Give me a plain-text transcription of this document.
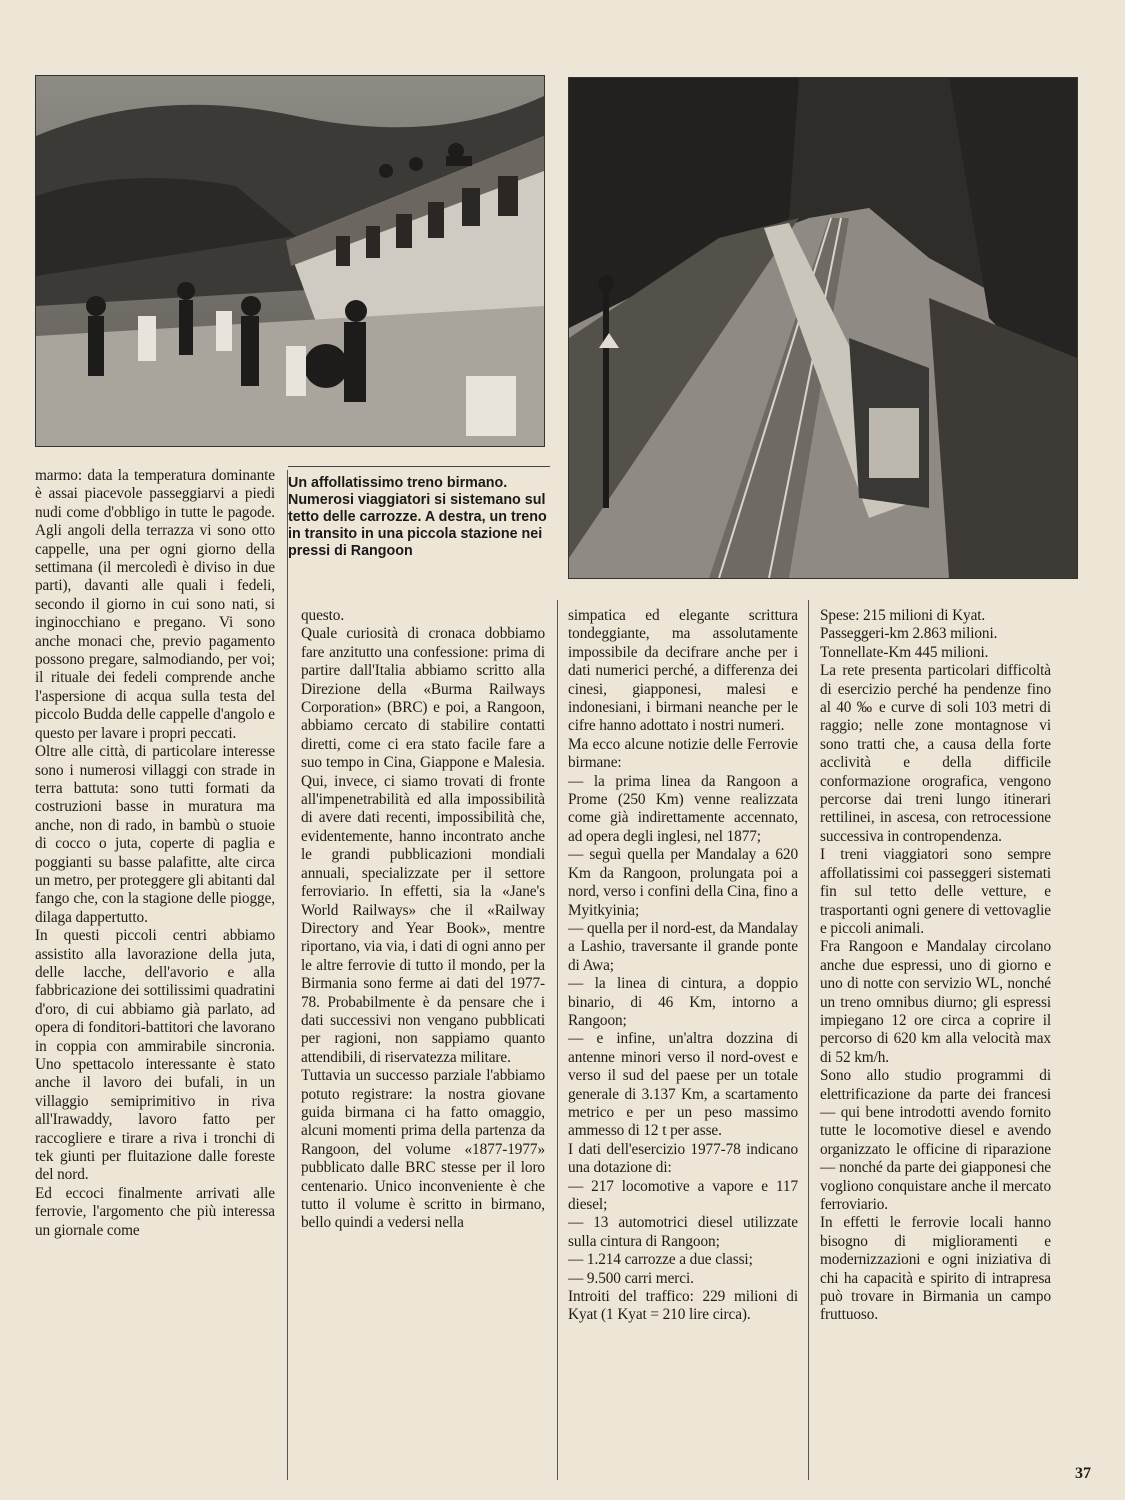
Un affollatissimo treno birmano. Numerosi viaggiatori si sistemano sul tetto delle carrozze. A destra, un treno in transito in una piccola stazione nei pressi di Rangoon

marmo: data la temperatura dominante è assai piacevole passeggiarvi a piedi nudi come d'obbligo in tutte le pagode. Agli angoli della terrazza vi sono otto cappelle, una per ogni giorno della settimana (il mercoledì è diviso in due parti), davanti alle quali i fedeli, secondo il giorno in cui sono nati, si inginocchiano e pregano. Vi sono anche monaci che, previo pagamento possono pregare, salmodiando, per voi; il rituale dei fedeli comprende anche l'aspersione di acqua sulla testa del piccolo Budda delle cappelle d'angolo e questo per lavare i propri peccati.

Oltre alle città, di particolare interesse sono i numerosi villaggi con strade in terra battuta: sono tutti formati da costruzioni basse in muratura ma anche, non di rado, in bambù o stuoie di cocco o juta, coperte di paglia e poggianti su basse palafitte, alte circa un metro, per proteggere gli abitanti dal fango che, con la stagione delle piogge, dilaga dappertutto.

In questi piccoli centri abbiamo assistito alla lavorazione della juta, delle lacche, dell'avorio e alla fabbricazione dei sottilissimi quadratini d'oro, di cui abbiamo già parlato, ad opera di fonditori-battitori che lavorano in coppia con ammirabile sincronia. Uno spettacolo interessante è stato anche il lavoro dei bufali, in un villaggio semiprimitivo in riva all'Irawaddy, lavoro fatto per raccogliere e tirare a riva i tronchi di tek giunti per fluitazione dalle foreste del nord.

Ed eccoci finalmente arrivati alle ferrovie, l'argomento che più interessa un giornale come

questo.

Quale curiosità di cronaca dobbiamo fare anzitutto una confessione: prima di partire dall'Italia abbiamo scritto alla Direzione della «Burma Railways Corporation» (BRC) e poi, a Rangoon, abbiamo cercato di stabilire contatti diretti, come ci era stato facile fare a suo tempo in Cina, Giappone e Malesia. Qui, invece, ci siamo trovati di fronte all'impenetrabilità ed alla impossibilità di avere dati recenti, impossibilità che, evidentemente, hanno incontrato anche le grandi pubblicazioni mondiali annuali, specializzate per il settore ferroviario. In effetti, sia la «Jane's World Railways» che il «Railway Directory and Year Book», mentre riportano, via via, i dati di ogni anno per le altre ferrovie di tutto il mondo, per la Birmania sono ferme ai dati del 1977-78. Probabilmente è da pensare che i dati successivi non vengano pubblicati per ragioni, non sappiamo quanto attendibili, di riservatezza militare.

Tuttavia un successo parziale l'abbiamo potuto registrare: la nostra giovane guida birmana ci ha fatto omaggio, alcuni momenti prima della partenza da Rangoon, del volume «1877-1977» pubblicato dalle BRC stesse per il loro centenario. Unico inconveniente è che tutto il volume è scritto in birmano, bello quindi a vedersi nella

simpatica ed elegante scrittura tondeggiante, ma assolutamente impossibile da decifrare anche per i dati numerici perché, a differenza dei cinesi, giapponesi, malesi e indonesiani, i birmani neanche per le cifre hanno adottato i nostri numeri.

Ma ecco alcune notizie delle Ferrovie birmane:

— la prima linea da Rangoon a Prome (250 Km) venne realizzata come già indirettamente accennato, ad opera degli inglesi, nel 1877;

— seguì quella per Mandalay a 620 Km da Rangoon, prolungata poi a nord, verso i confini della Cina, fino a Myitkyinia;

— quella per il nord-est, da Mandalay a Lashio, traversante il grande ponte di Awa;

— la linea di cintura, a doppio binario, di 46 Km, intorno a Rangoon;

— e infine, un'altra dozzina di antenne minori verso il nord-ovest e verso il sud del paese per un totale generale di 3.137 Km, a scartamento metrico e per un peso massimo ammesso di 12 t per asse.

I dati dell'esercizio 1977-78 indicano una dotazione di:

— 217 locomotive a vapore e 117 diesel;

— 13 automotrici diesel utilizzate sulla cintura di Rangoon;

— 1.214 carrozze a due classi;

— 9.500 carri merci.

Introiti del traffico: 229 milioni di Kyat (1 Kyat = 210 lire circa).

Spese: 215 milioni di Kyat.

Passeggeri-km 2.863 milioni.

Tonnellate-Km 445 milioni.

La rete presenta particolari difficoltà di esercizio perché ha pendenze fino al 40 ‰ e curve di soli 103 metri di raggio; nelle zone montagnose vi sono tratti che, a causa della forte acclività e della difficile conformazione orografica, vengono percorse dai treni lungo itinerari rettilinei, in ascesa, con retrocessione successiva in contropendenza.

I treni viaggiatori sono sempre affollatissimi coi passeggeri sistemati fin sul tetto delle vetture, e trasportanti ogni genere di vettovaglie e piccoli animali.

Fra Rangoon e Mandalay circolano anche due espressi, uno di giorno e uno di notte con servizio WL, nonché un treno omnibus diurno; gli espressi impiegano 12 ore circa a coprire il percorso di 620 km alla velocità max di 52 km/h.

Sono allo studio programmi di elettrificazione da parte dei francesi — qui bene introdotti avendo fornito tutte le locomotive diesel e avendo organizzato le officine di riparazione — nonché da parte dei giapponesi che vogliono conquistare anche il mercato ferroviario.

In effetti le ferrovie locali hanno bisogno di miglioramenti e modernizzazioni e ogni iniziativa di chi ha capacità e spirito di intrapresa può trovare in Birmania un campo fruttuoso.

37
